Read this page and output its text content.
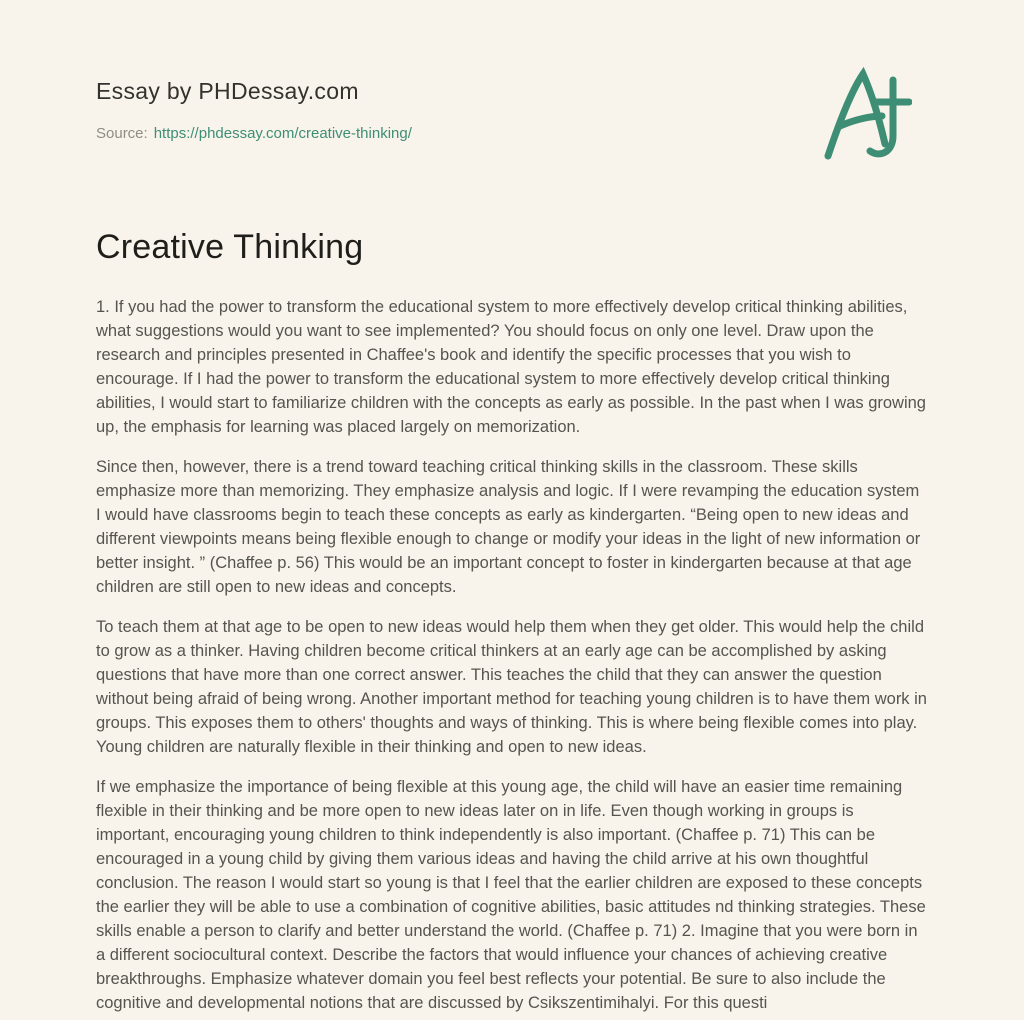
Essay by PHDessay.com
Source: https://phdessay.com/creative-thinking/
Creative Thinking

1. If you had the power to transform the educational system to more effectively develop critical thinking abilities, what suggestions would you want to see implemented? You should focus on only one level. Draw upon the research and principles presented in Chaffee's book and identify the specific processes that you wish to encourage. If I had the power to transform the educational system to more effectively develop critical thinking abilities, I would start to familiarize children with the concepts as early as possible. In the past when I was growing up, the emphasis for learning was placed largely on memorization.

Since then, however, there is a trend toward teaching critical thinking skills in the classroom. These skills emphasize more than memorizing. They emphasize analysis and logic. If I were revamping the education system I would have classrooms begin to teach these concepts as early as kindergarten. “Being open to new ideas and different viewpoints means being flexible enough to change or modify your ideas in the light of new information or better insight. ” (Chaffee p. 56) This would be an important concept to foster in kindergarten because at that age children are still open to new ideas and concepts.

To teach them at that age to be open to new ideas would help them when they get older. This would help the child to grow as a thinker. Having children become critical thinkers at an early age can be accomplished by asking questions that have more than one correct answer. This teaches the child that they can answer the question without being afraid of being wrong. Another important method for teaching young children is to have them work in groups. This exposes them to others' thoughts and ways of thinking. This is where being flexible comes into play. Young children are naturally flexible in their thinking and open to new ideas.

If we emphasize the importance of being flexible at this young age, the child will have an easier time remaining flexible in their thinking and be more open to new ideas later on in life. Even though working in groups is important, encouraging young children to think independently is also important. (Chaffee p. 71) This can be encouraged in a young child by giving them various ideas and having the child arrive at his own thoughtful conclusion. The reason I would start so young is that I feel that the earlier children are exposed to these concepts the earlier they will be able to use a combination of cognitive abilities, basic attitudes nd thinking strategies. These skills enable a person to clarify and better understand the world. (Chaffee p. 71) 2. Imagine that you were born in a different sociocultural context. Describe the factors that would influence your chances of achieving creative breakthroughs. Emphasize whatever domain you feel best reflects your potential. Be sure to also include the cognitive and developmental notions that are discussed by Csikszentimihalyi. For this questi
